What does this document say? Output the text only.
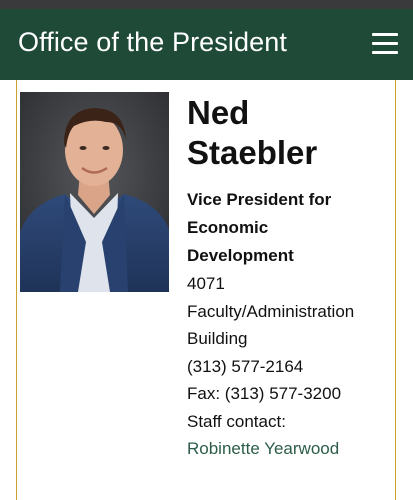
Office of the President
Ned
Staebler
Vice President for
Economic
Development
4071
Faculty/Administration
Building
(313) 577-2164
Fax: (313) 577-3200
Staff contact:
Robinette Yearwood
